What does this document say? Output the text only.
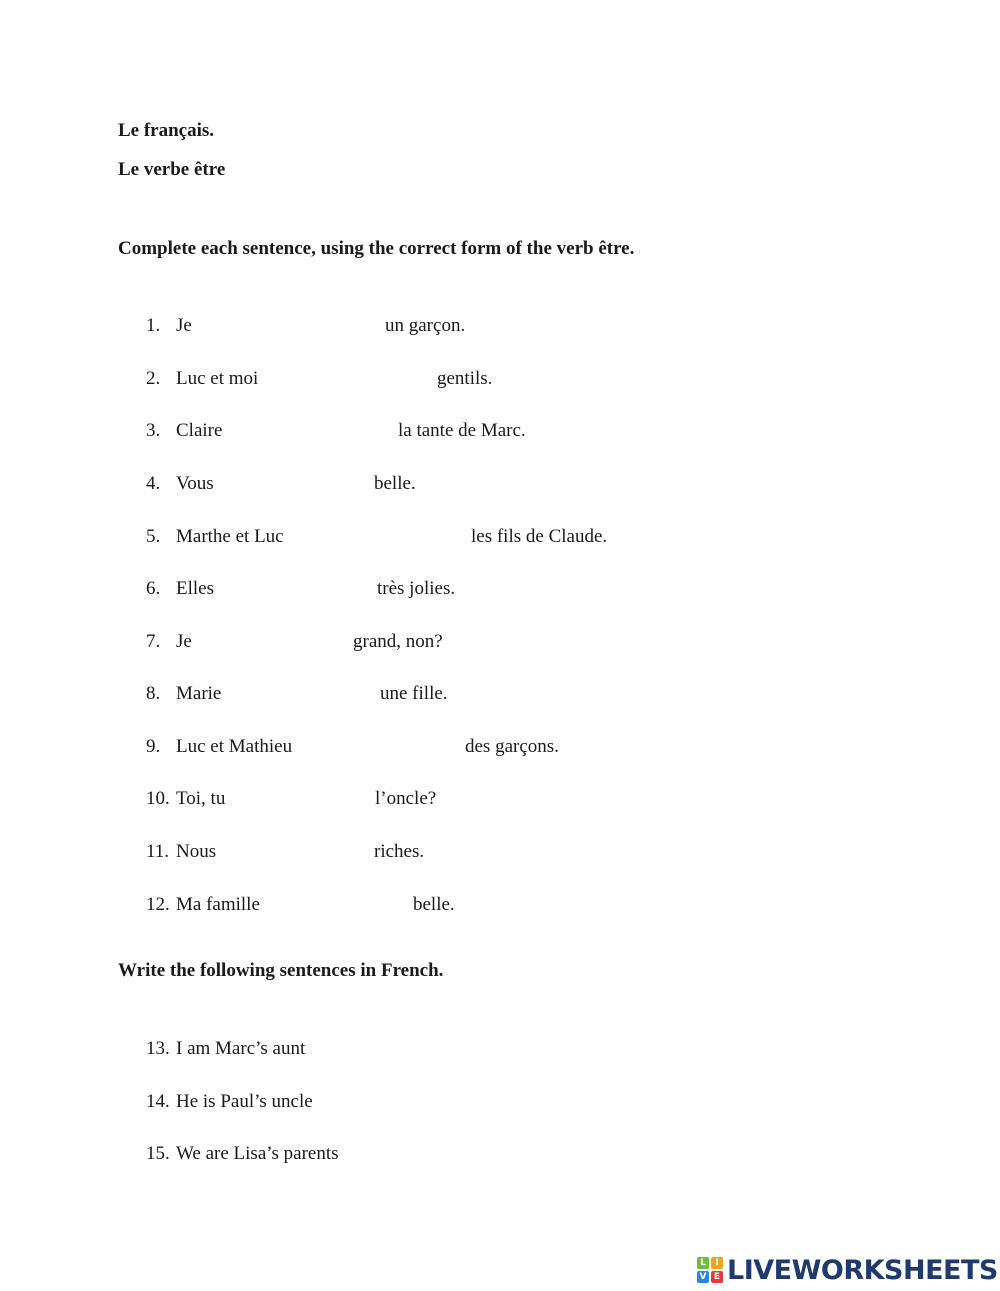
Le français.
Le verbe être
Complete each sentence, using the correct form of the verb être.
1. Je	un garçon.
2. Luc et moi	gentils.
3. Claire	la tante de Marc.
4. Vous	belle.
5. Marthe et Luc	les fils de Claude.
6. Elles	très jolies.
7. Je	grand, non?
8. Marie	une fille.
9. Luc et Mathieu	des garçons.
10. Toi, tu	l’oncle?
11. Nous	riches.
12. Ma famille	belle.
Write the following sentences in French.
13. I am Marc’s aunt
14. He is Paul’s uncle
15. We are Lisa’s parents
L	I
V E LIVEWORKSHEETS
